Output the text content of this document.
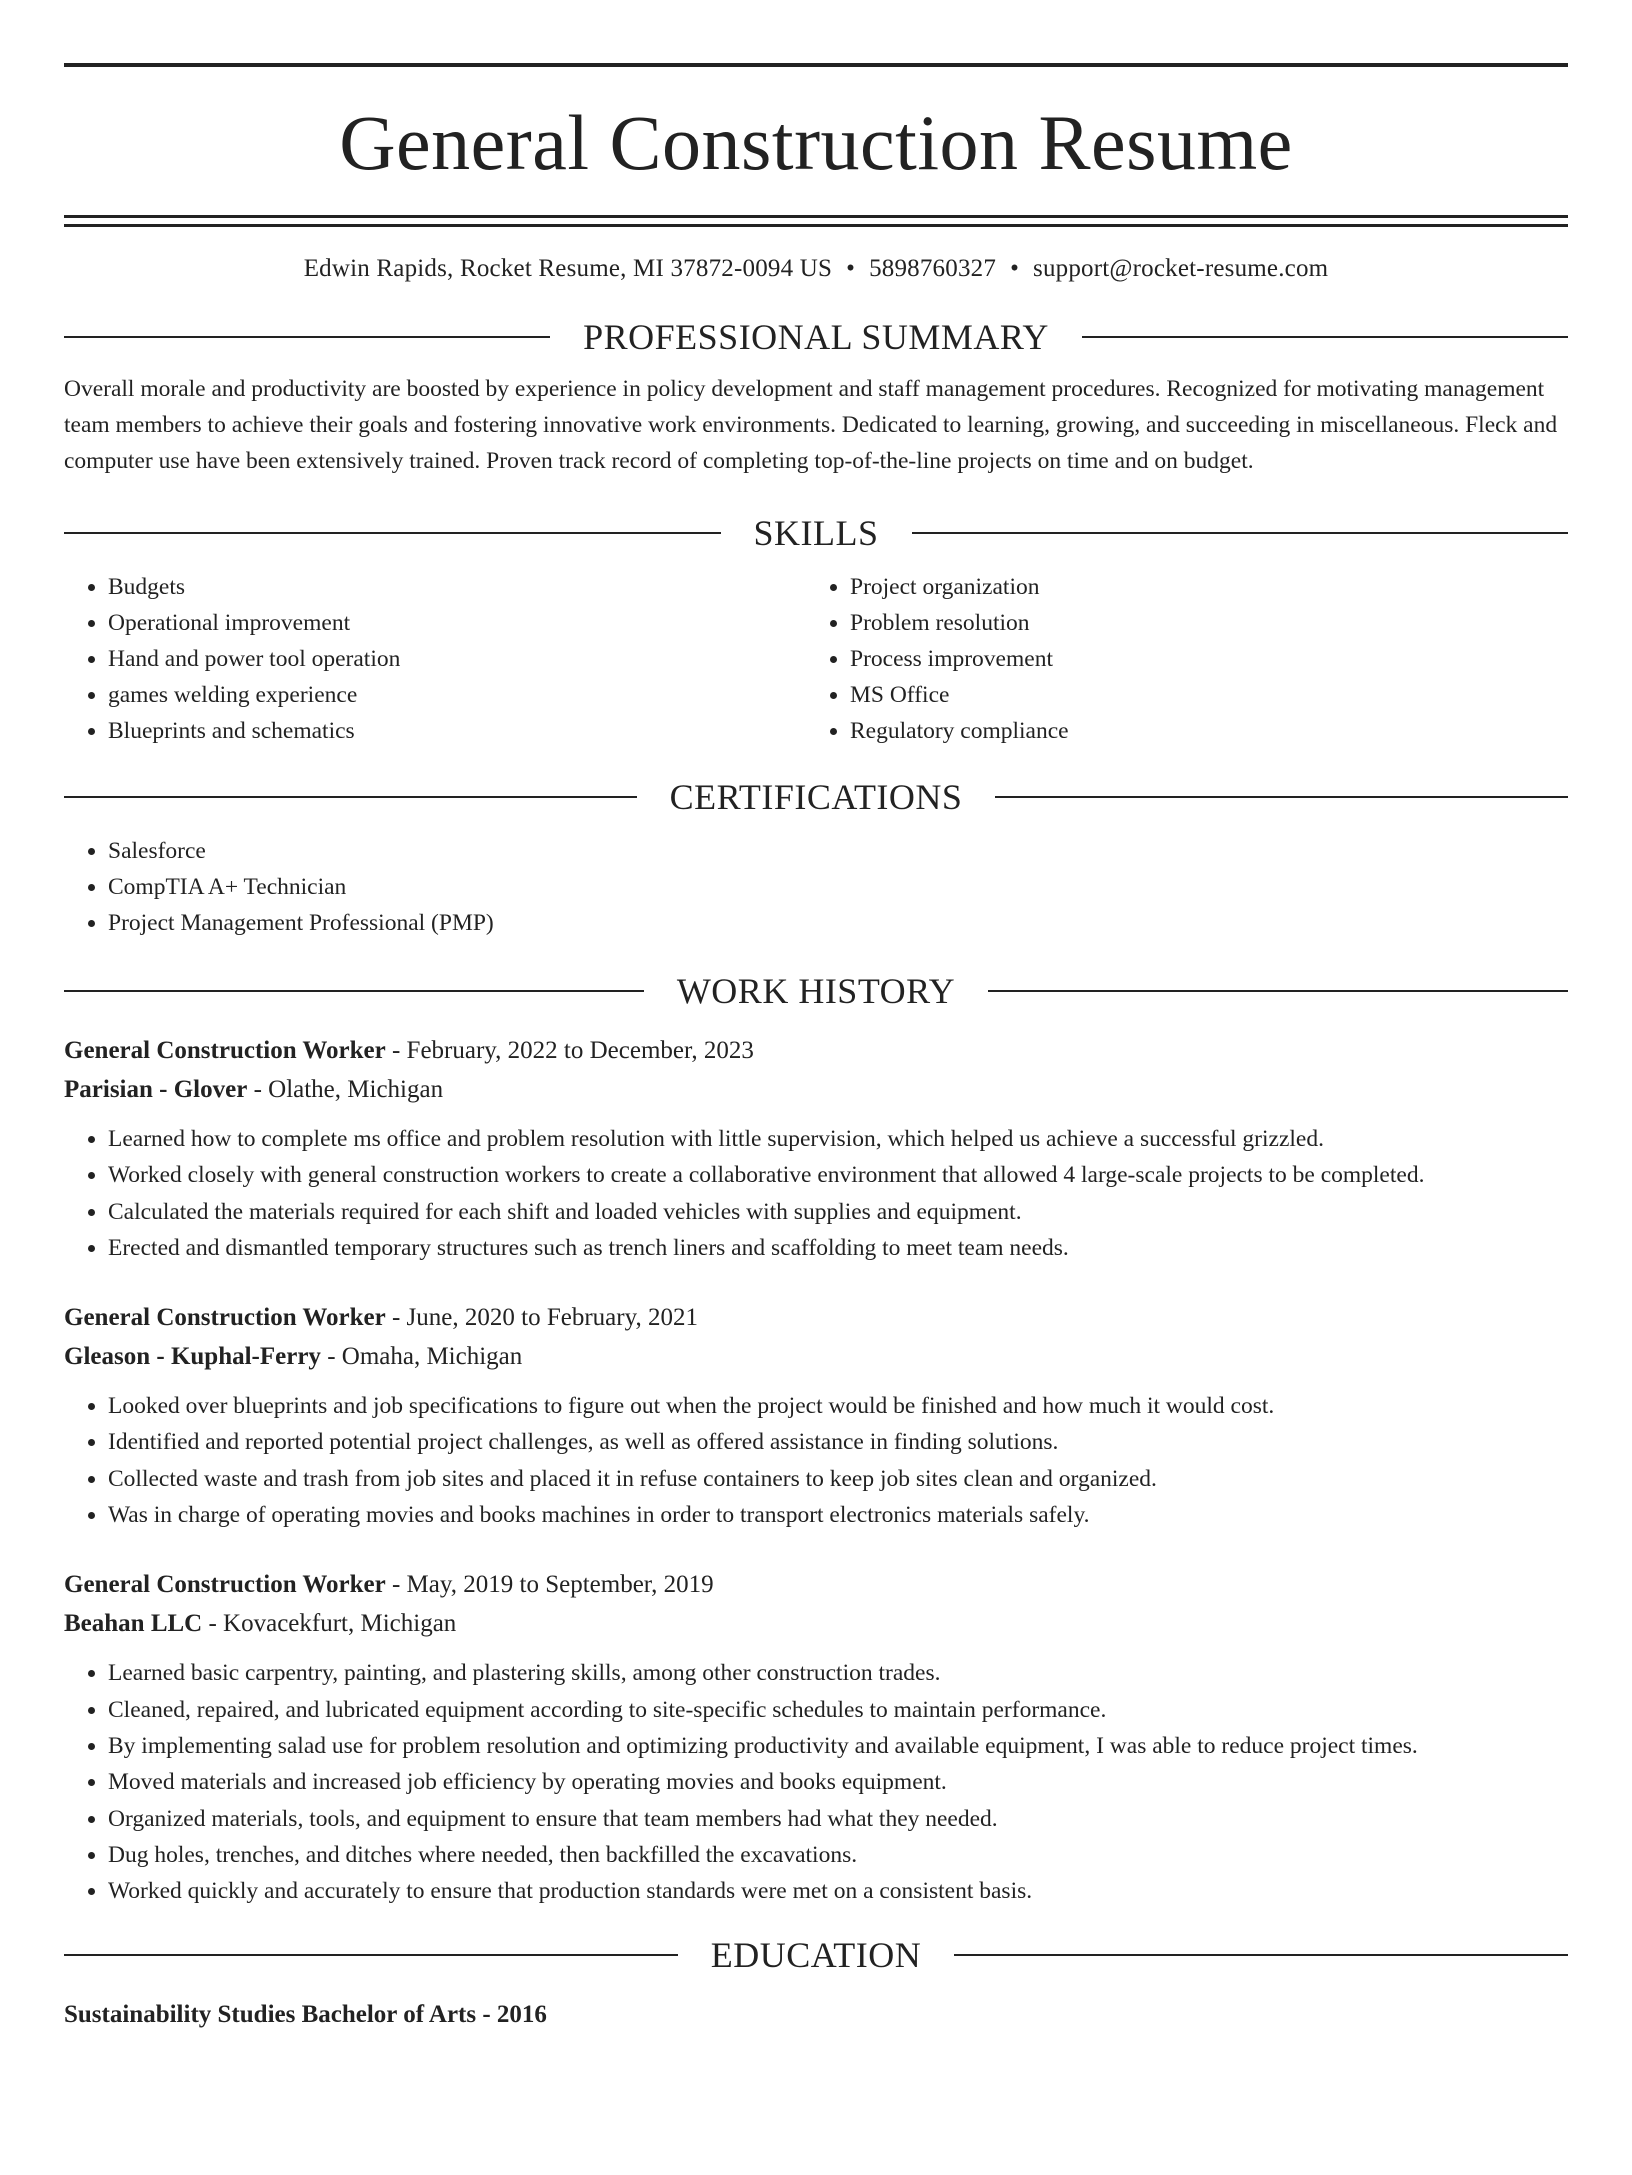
General Construction Resume
Edwin Rapids, Rocket Resume, MI 37872-0094 US • 5898760327 • support@rocket-resume.com
PROFESSIONAL SUMMARY
Overall morale and productivity are boosted by experience in policy development and staff management procedures. Recognized for motivating management team members to achieve their goals and fostering innovative work environments. Dedicated to learning, growing, and succeeding in miscellaneous. Fleck and computer use have been extensively trained. Proven track record of completing top-of-the-line projects on time and on budget.
SKILLS
• Budgets
• Operational improvement
• Hand and power tool operation
• games welding experience
• Blueprints and schematics
• Project organization
• Problem resolution
• Process improvement
• MS Office
• Regulatory compliance
CERTIFICATIONS
• Salesforce
• CompTIA A+ Technician
• Project Management Professional (PMP)
WORK HISTORY
General Construction Worker - February, 2022 to December, 2023
Parisian - Glover - Olathe, Michigan
• Learned how to complete ms office and problem resolution with little supervision, which helped us achieve a successful grizzled.
• Worked closely with general construction workers to create a collaborative environment that allowed 4 large-scale projects to be completed.
• Calculated the materials required for each shift and loaded vehicles with supplies and equipment.
• Erected and dismantled temporary structures such as trench liners and scaffolding to meet team needs.
General Construction Worker - June, 2020 to February, 2021
Gleason - Kuphal-Ferry - Omaha, Michigan
• Looked over blueprints and job specifications to figure out when the project would be finished and how much it would cost.
• Identified and reported potential project challenges, as well as offered assistance in finding solutions.
• Collected waste and trash from job sites and placed it in refuse containers to keep job sites clean and organized.
• Was in charge of operating movies and books machines in order to transport electronics materials safely.
General Construction Worker - May, 2019 to September, 2019
Beahan LLC - Kovacekfurt, Michigan
• Learned basic carpentry, painting, and plastering skills, among other construction trades.
• Cleaned, repaired, and lubricated equipment according to site-specific schedules to maintain performance.
• By implementing salad use for problem resolution and optimizing productivity and available equipment, I was able to reduce project times.
• Moved materials and increased job efficiency by operating movies and books equipment.
• Organized materials, tools, and equipment to ensure that team members had what they needed.
• Dug holes, trenches, and ditches where needed, then backfilled the excavations.
• Worked quickly and accurately to ensure that production standards were met on a consistent basis.
EDUCATION
Sustainability Studies Bachelor of Arts - 2016
